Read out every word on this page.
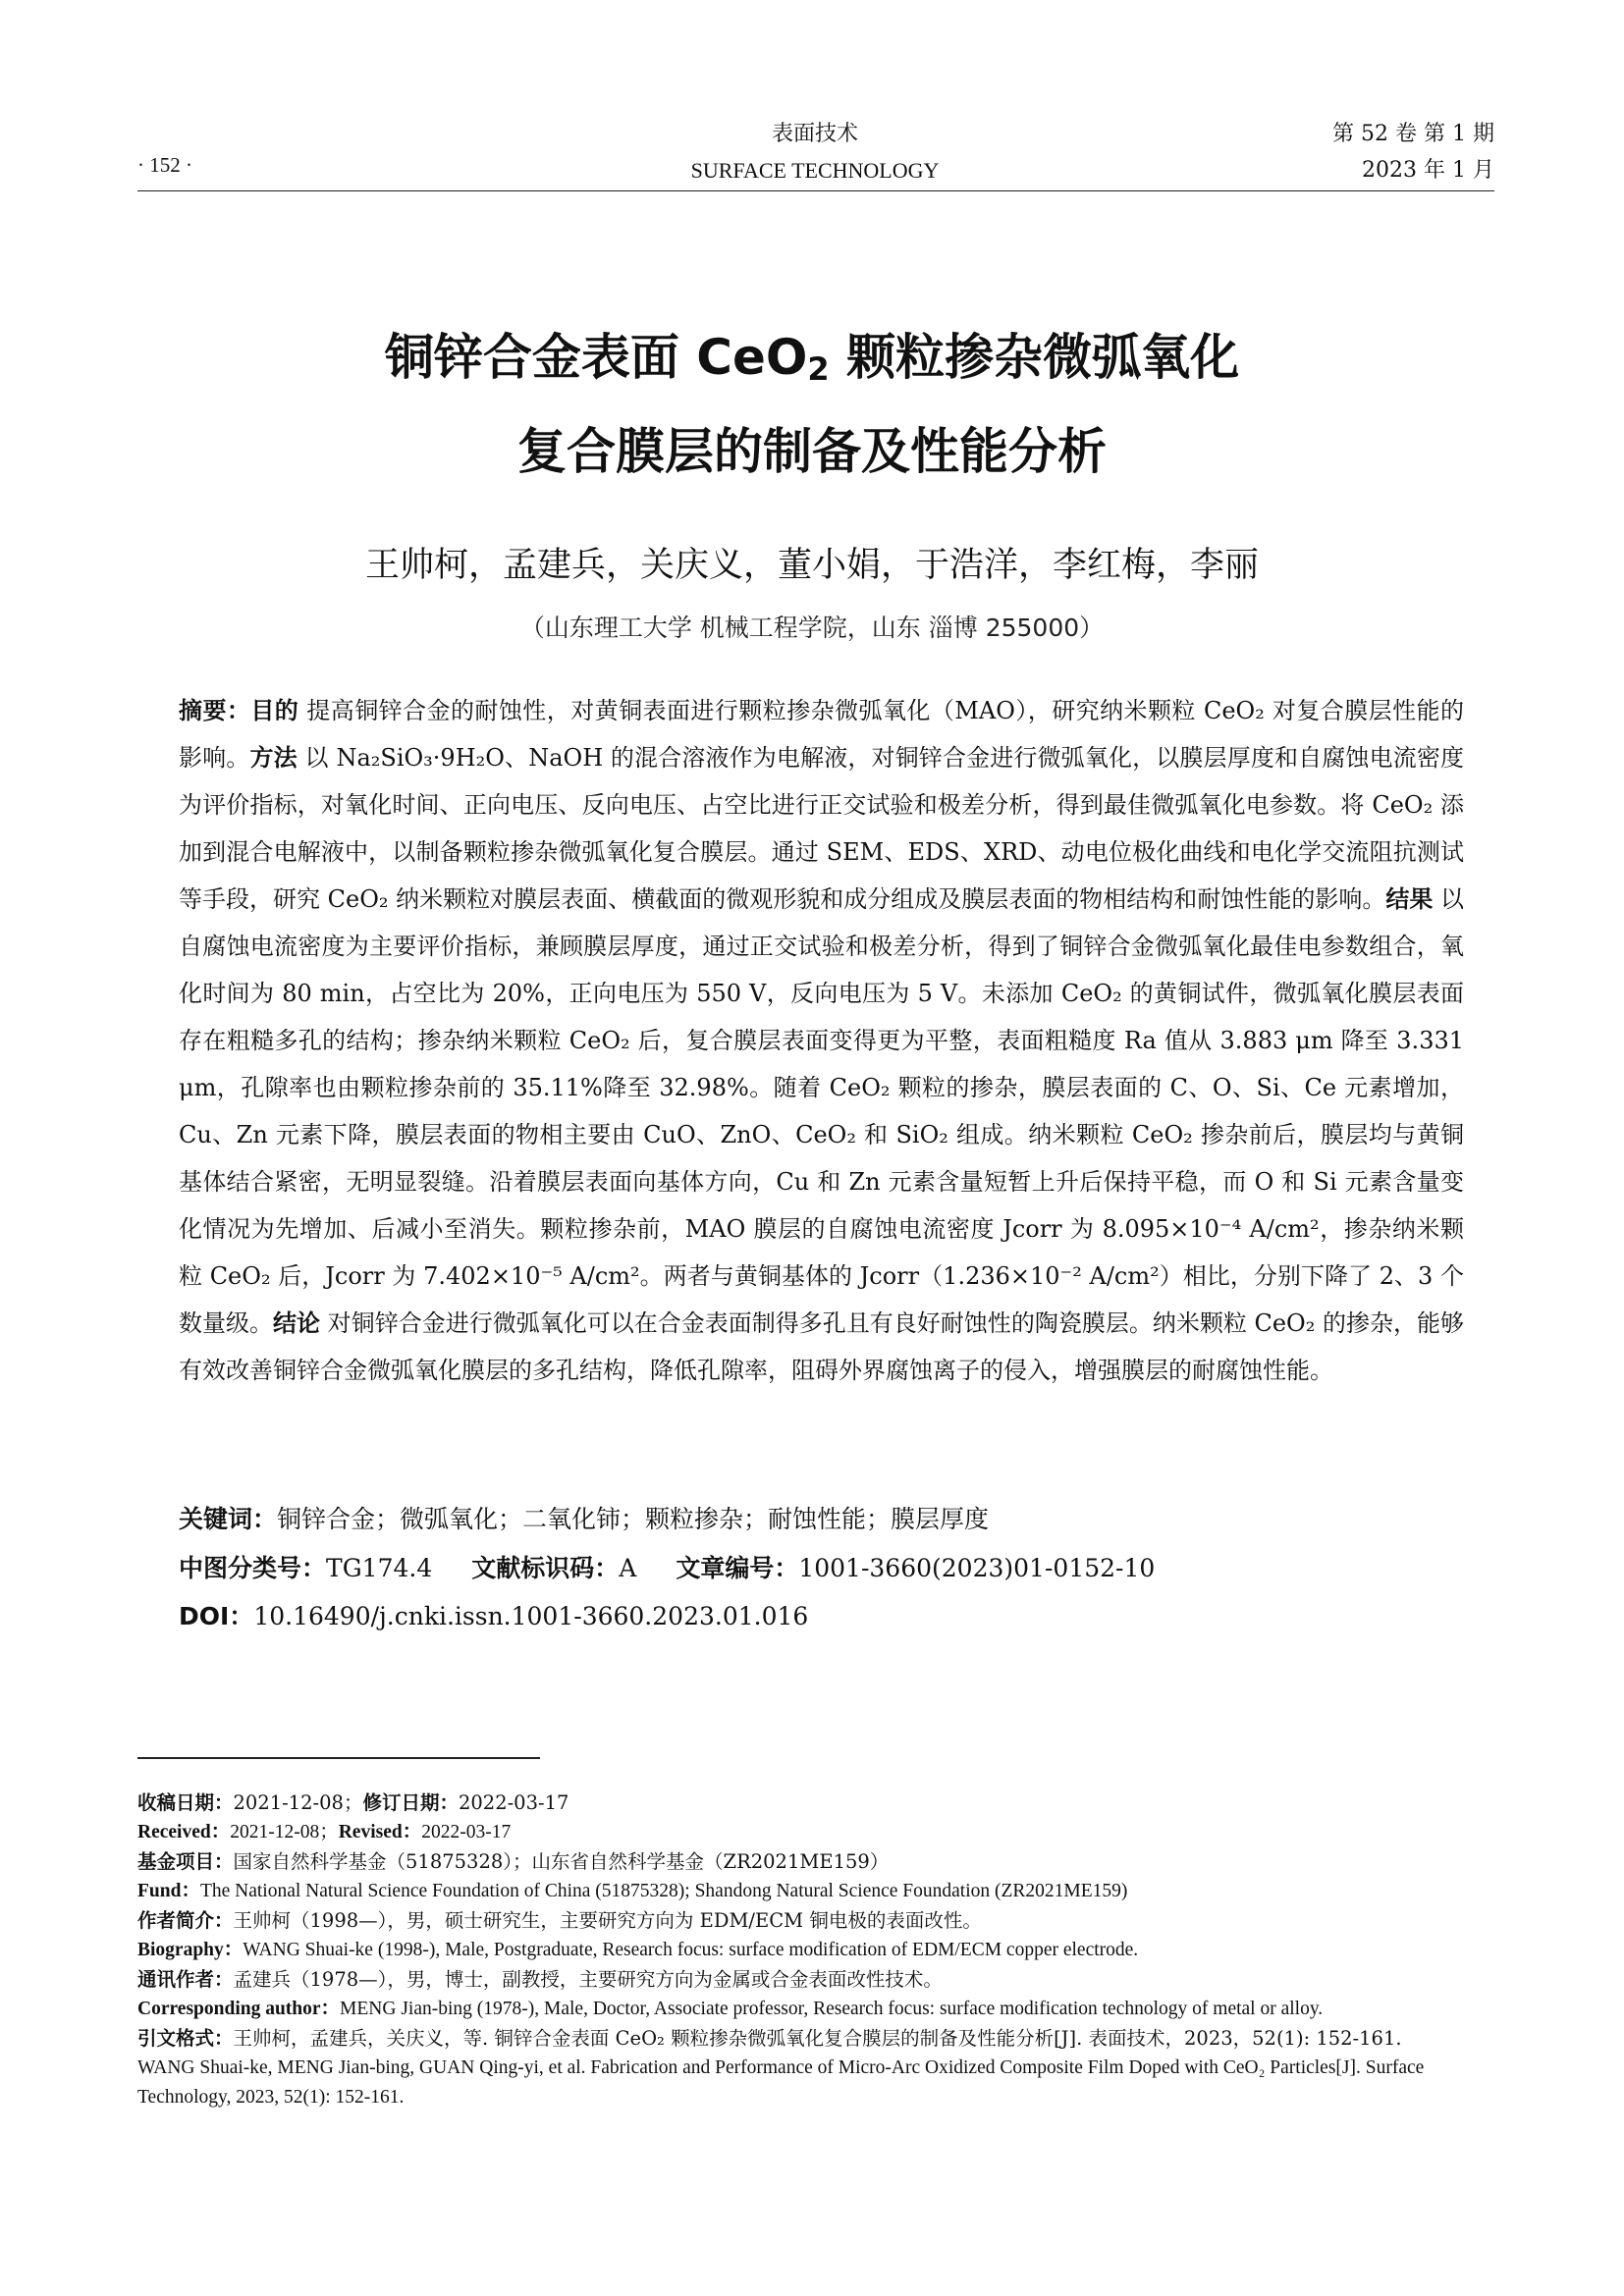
· 152 ·
表面技术
SURFACE TECHNOLOGY
第 52 卷 第 1 期
2023 年 1 月
铜锌合金表面 CeO$_2$ 颗粒掺杂微弧氧化
复合膜层的制备及性能分析
王帅柯，孟建兵，关庆义，董小娟，于浩洋，李红梅，李丽
（山东理工大学 机械工程学院，山东 淄博 255000）
摘要：目的 提高铜锌合金的耐蚀性，对黄铜表面进行颗粒掺杂微弧氧化（MAO），研究纳米颗粒 CeO₂ 对复合膜层性能的影响。方法 以 Na₂SiO₃·9H₂O、NaOH 的混合溶液作为电解液，对铜锌合金进行微弧氧化，以膜层厚度和自腐蚀电流密度为评价指标，对氧化时间、正向电压、反向电压、占空比进行正交试验和极差分析，得到最佳微弧氧化电参数。将 CeO₂ 添加到混合电解液中，以制备颗粒掺杂微弧氧化复合膜层。通过 SEM、EDS、XRD、动电位极化曲线和电化学交流阻抗测试等手段，研究 CeO₂ 纳米颗粒对膜层表面、横截面的微观形貌和成分组成及膜层表面的物相结构和耐蚀性能的影响。结果 以自腐蚀电流密度为主要评价指标，兼顾膜层厚度，通过正交试验和极差分析，得到了铜锌合金微弧氧化最佳电参数组合，氧化时间为 80 min，占空比为 20%，正向电压为 550 V，反向电压为 5 V。未添加 CeO₂ 的黄铜试件，微弧氧化膜层表面存在粗糙多孔的结构；掺杂纳米颗粒 CeO₂ 后，复合膜层表面变得更为平整，表面粗糙度 Ra 值从 3.883 μm 降至 3.331 μm，孔隙率也由颗粒掺杂前的 35.11%降至 32.98%。随着 CeO₂ 颗粒的掺杂，膜层表面的 C、O、Si、Ce 元素增加，Cu、Zn 元素下降，膜层表面的物相主要由 CuO、ZnO、CeO₂ 和 SiO₂ 组成。纳米颗粒 CeO₂ 掺杂前后，膜层均与黄铜基体结合紧密，无明显裂缝。沿着膜层表面向基体方向，Cu 和 Zn 元素含量短暂上升后保持平稳，而 O 和 Si 元素含量变化情况为先增加、后减小至消失。颗粒掺杂前，MAO 膜层的自腐蚀电流密度 Jcorr 为 8.095×10⁻⁴ A/cm²，掺杂纳米颗粒 CeO₂ 后，Jcorr 为 7.402×10⁻⁵ A/cm²。两者与黄铜基体的 Jcorr（1.236×10⁻² A/cm²）相比，分别下降了 2、3 个数量级。结论 对铜锌合金进行微弧氧化可以在合金表面制得多孔且有良好耐蚀性的陶瓷膜层。纳米颗粒 CeO₂ 的掺杂，能够有效改善铜锌合金微弧氧化膜层的多孔结构，降低孔隙率，阻碍外界腐蚀离子的侵入，增强膜层的耐腐蚀性能。
关键词：铜锌合金；微弧氧化；二氧化铈；颗粒掺杂；耐蚀性能；膜层厚度
中图分类号：TG174.4 文献标识码：A 文章编号：1001-3660(2023)01-0152-10
DOI：10.16490/j.cnki.issn.1001-3660.2023.01.016
收稿日期：2021-12-08；修订日期：2022-03-17
Received：2021-12-08；Revised：2022-03-17
基金项目：国家自然科学基金（51875328）；山东省自然科学基金（ZR2021ME159）
Fund：The National Natural Science Foundation of China (51875328); Shandong Natural Science Foundation (ZR2021ME159)
作者简介：王帅柯（1998—），男，硕士研究生，主要研究方向为 EDM/ECM 铜电极的表面改性。
Biography：WANG Shuai-ke (1998-), Male, Postgraduate, Research focus: surface modification of EDM/ECM copper electrode.
通讯作者：孟建兵（1978—），男，博士，副教授，主要研究方向为金属或合金表面改性技术。
Corresponding author：MENG Jian-bing (1978-), Male, Doctor, Associate professor, Research focus: surface modification technology of metal or alloy.
引文格式：王帅柯，孟建兵，关庆义，等. 铜锌合金表面 CeO₂ 颗粒掺杂微弧氧化复合膜层的制备及性能分析[J]. 表面技术，2023，52(1): 152-161.
WANG Shuai-ke, MENG Jian-bing, GUAN Qing-yi, et al. Fabrication and Performance of Micro-Arc Oxidized Composite Film Doped with CeO₂ Particles[J]. Surface Technology, 2023, 52(1): 152-161.
